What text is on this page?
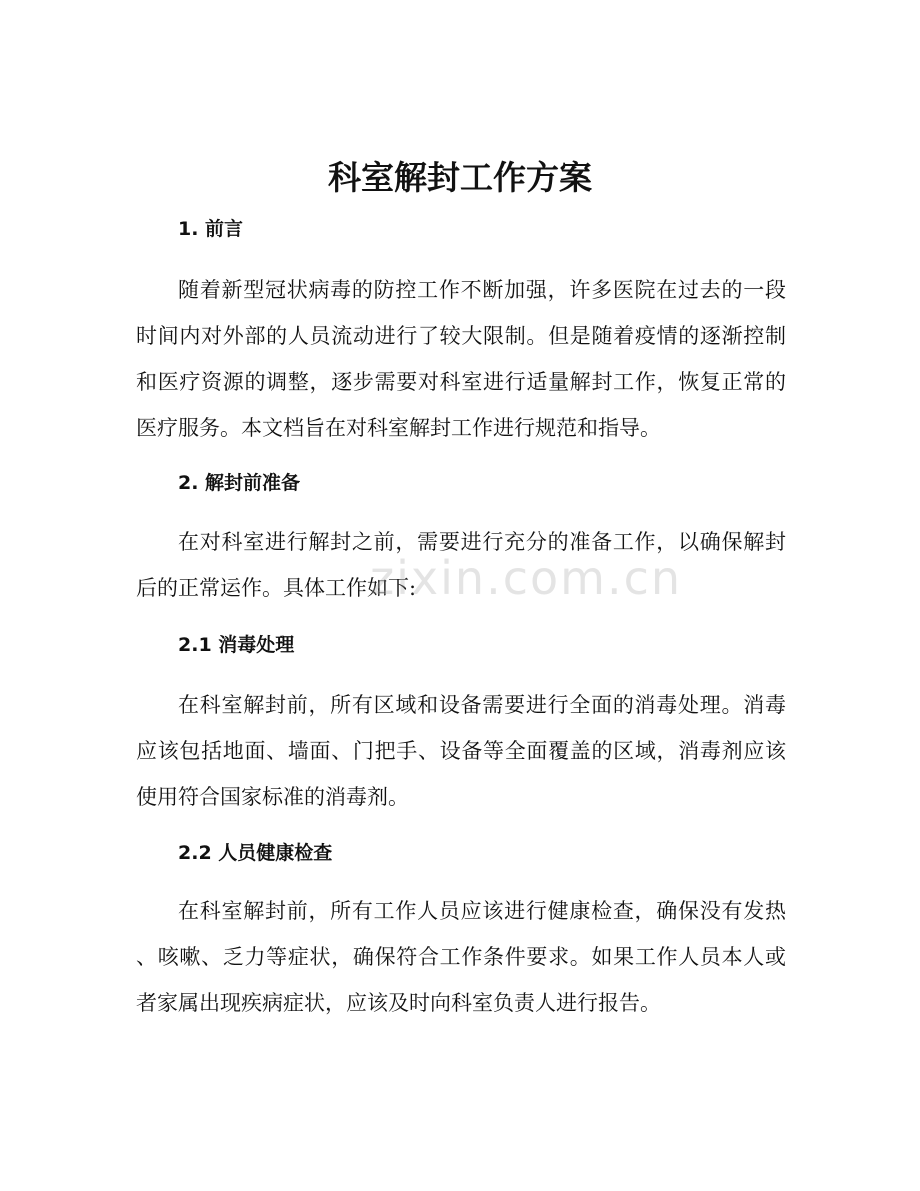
科室解封工作方案
1. 前言
随着新型冠状病毒的防控工作不断加强，许多医院在过去的一段
时间内对外部的人员流动进行了较大限制。但是随着疫情的逐渐控制
和医疗资源的调整，逐步需要对科室进行适量解封工作，恢复正常的
医疗服务。本文档旨在对科室解封工作进行规范和指导。
2. 解封前准备
在对科室进行解封之前，需要进行充分的准备工作，以确保解封
后的正常运作。具体工作如下:
2.1 消毒处理
在科室解封前，所有区域和设备需要进行全面的消毒处理。消毒
应该包括地面、墙面、门把手、设备等全面覆盖的区域，消毒剂应该
使用符合国家标准的消毒剂。
2.2 人员健康检查
在科室解封前，所有工作人员应该进行健康检查，确保没有发热
、咳嗽、乏力等症状，确保符合工作条件要求。如果工作人员本人或
者家属出现疾病症状，应该及时向科室负责人进行报告。
zixin.com.cn
